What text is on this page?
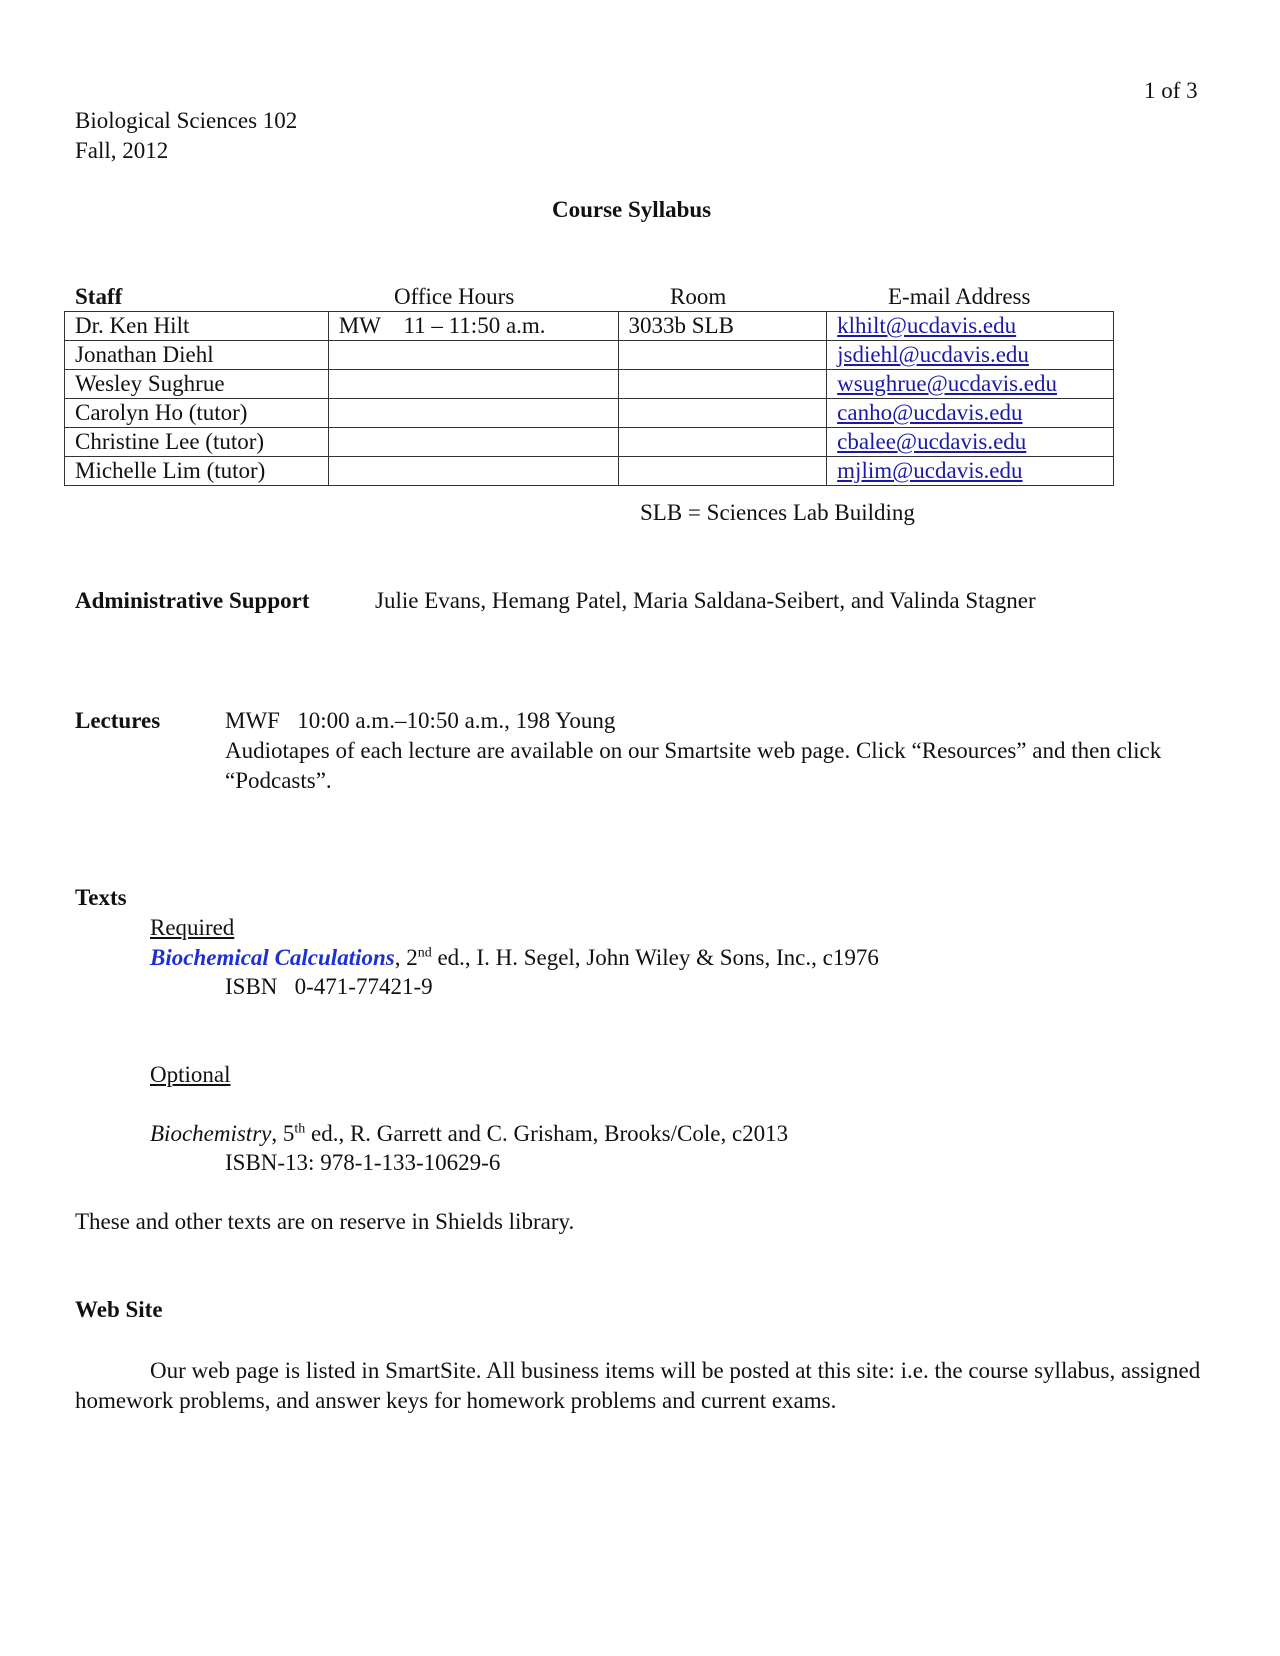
1 of 3
Biological Sciences 102
Fall, 2012
Course Syllabus
Staff	Office Hours	Room	E-mail Address
Dr. Ken Hilt	MW    11 – 11:50 a.m.	3033b SLB	klhilt@ucdavis.edu
Jonathan Diehl			jsdiehl@ucdavis.edu
Wesley Sughrue			wsughrue@ucdavis.edu
Carolyn Ho (tutor)			canho@ucdavis.edu
Christine Lee (tutor)			cbalee@ucdavis.edu
Michelle Lim (tutor)			mjlim@ucdavis.edu
SLB = Sciences Lab Building
Administrative Support	Julie Evans, Hemang Patel, Maria Saldana-Seibert, and Valinda Stagner
Lectures	MWF   10:00 a.m.–10:50 a.m., 198 Young
Audiotapes of each lecture are available on our Smartsite web page. Click “Resources” and then click “Podcasts”.
Texts
Required
Biochemical Calculations, 2nd ed., I. H. Segel, John Wiley & Sons, Inc., c1976
ISBN   0-471-77421-9
Optional
Biochemistry, 5th ed., R. Garrett and C. Grisham, Brooks/Cole, c2013
ISBN-13: 978-1-133-10629-6
These and other texts are on reserve in Shields library.
Web Site
Our web page is listed in SmartSite. All business items will be posted at this site: i.e. the course syllabus, assigned homework problems, and answer keys for homework problems and current exams.
